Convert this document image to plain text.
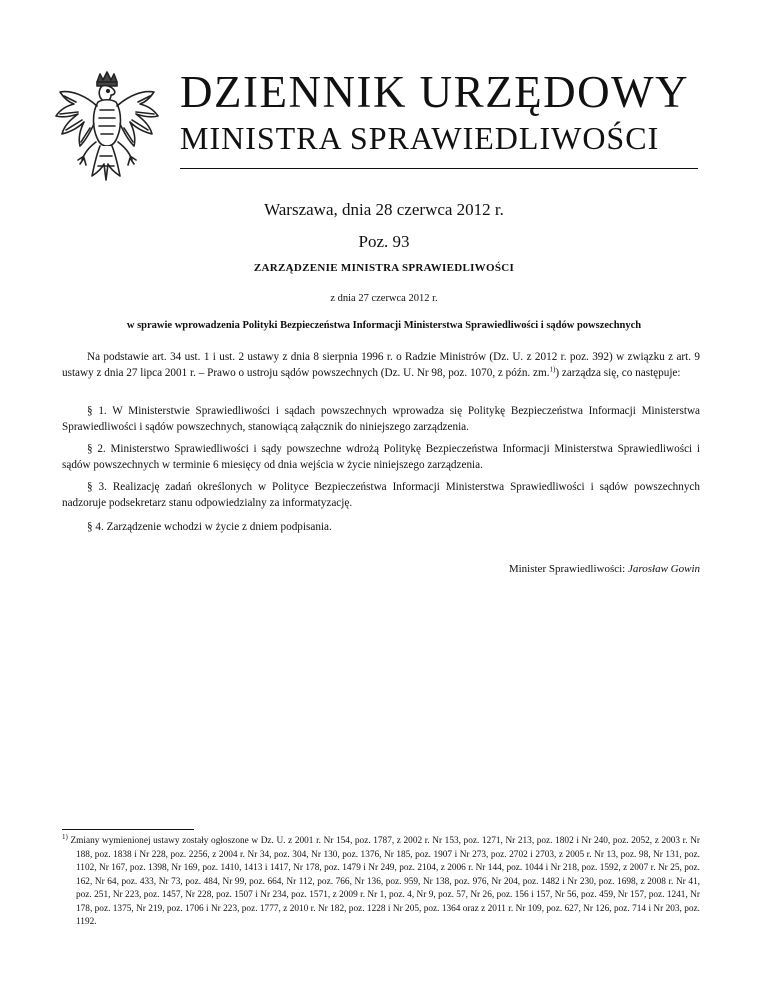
DZIENNIK URZĘDOWY
MINISTRA SPRAWIEDLIWOŚCI
Warszawa, dnia 28 czerwca 2012 r.
Poz. 93
ZARZĄDZENIE MINISTRA SPRAWIEDLIWOŚCI
z dnia 27 czerwca 2012 r.
w sprawie wprowadzenia Polityki Bezpieczeństwa Informacji Ministerstwa Sprawiedliwości i sądów powszechnych

Na podstawie art. 34 ust. 1 i ust. 2 ustawy z dnia 8 sierpnia 1996 r. o Radzie Ministrów (Dz. U. z 2012 r. poz. 392) w związku z art. 9 ustawy z dnia 27 lipca 2001 r. – Prawo o ustroju sądów powszechnych (Dz. U. Nr 98, poz. 1070, z późn. zm.$^{1)}$) zarządza się, co następuje:

§ 1. W Ministerstwie Sprawiedliwości i sądach powszechnych wprowadza się Politykę Bezpieczeństwa Informacji Ministerstwa Sprawiedliwości i sądów powszechnych, stanowiącą załącznik do niniejszego zarządzenia.

§ 2. Ministerstwo Sprawiedliwości i sądy powszechne wdrożą Politykę Bezpieczeństwa Informacji Ministerstwa Sprawiedliwości i sądów powszechnych w terminie 6 miesięcy od dnia wejścia w życie niniejszego zarządzenia.

§ 3. Realizację zadań określonych w Polityce Bezpieczeństwa Informacji Ministerstwa Sprawiedliwości i sądów powszechnych nadzoruje podsekretarz stanu odpowiedzialny za informatyzację.

§ 4. Zarządzenie wchodzi w życie z dniem podpisania.

Minister Sprawiedliwości: Jarosław Gowin
$^{1)}$ Zmiany wymienionej ustawy zostały ogłoszone w Dz. U. z 2001 r. Nr 154, poz. 1787, z 2002 r. Nr 153, poz. 1271, Nr 213, poz. 1802 i Nr 240, poz. 2052, z 2003 r. Nr 188, poz. 1838 i Nr 228, poz. 2256, z 2004 r. Nr 34, poz. 304, Nr 130, poz. 1376, Nr 185, poz. 1907 i Nr 273, poz. 2702 i 2703, z 2005 r. Nr 13, poz. 98, Nr 131, poz. 1102, Nr 167, poz. 1398, Nr 169, poz. 1410, 1413 i 1417, Nr 178, poz. 1479 i Nr 249, poz. 2104, z 2006 r. Nr 144, poz. 1044 i Nr 218, poz. 1592, z 2007 r. Nr 25, poz. 162, Nr 64, poz. 433, Nr 73, poz. 484, Nr 99, poz. 664, Nr 112, poz. 766, Nr 136, poz. 959, Nr 138, poz. 976, Nr 204, poz. 1482 i Nr 230, poz. 1698, z 2008 r. Nr 41, poz. 251, Nr 223, poz. 1457, Nr 228, poz. 1507 i Nr 234, poz. 1571, z 2009 r. Nr 1, poz. 4, Nr 9, poz. 57, Nr 26, poz. 156 i 157, Nr 56, poz. 459, Nr 157, poz. 1241, Nr 178, poz. 1375, Nr 219, poz. 1706 i Nr 223, poz. 1777, z 2010 r. Nr 182, poz. 1228 i Nr 205, poz. 1364 oraz z 2011 r. Nr 109, poz. 627, Nr 126, poz. 714 i Nr 203, poz. 1192.
